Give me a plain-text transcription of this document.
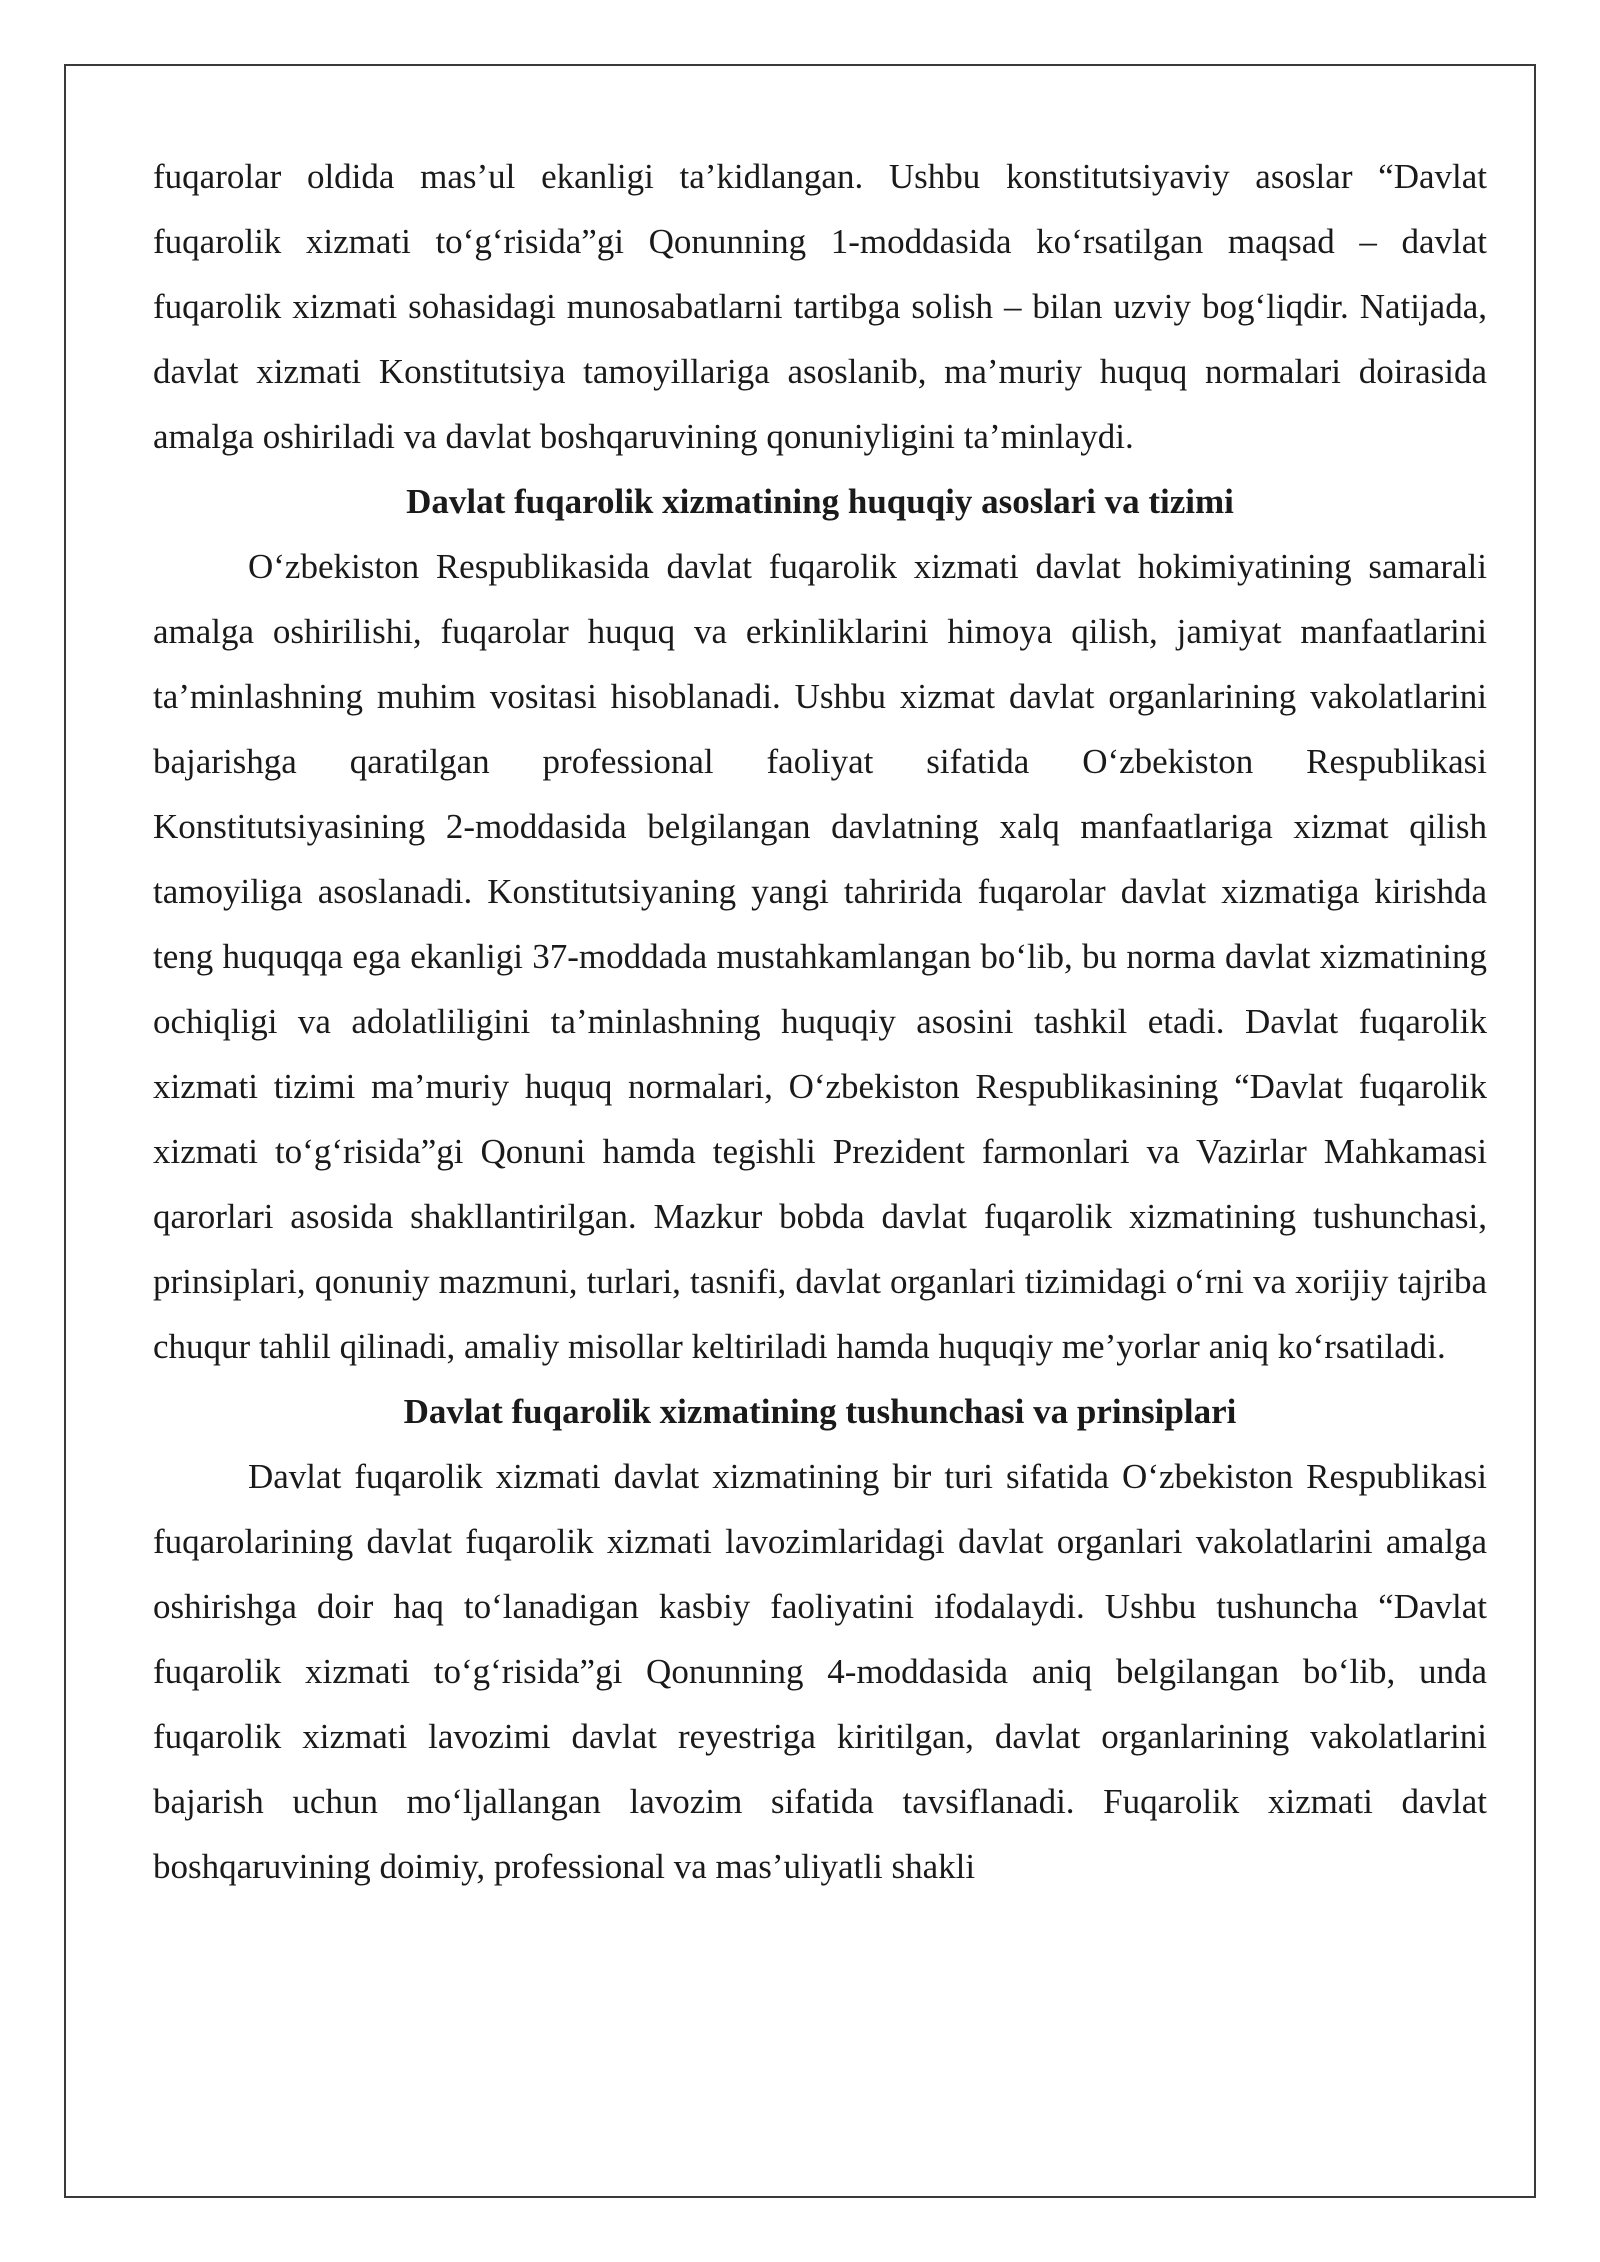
fuqarolar oldida mas’ul ekanligi ta’kidlangan. Ushbu konstitutsiyaviy asoslar “Davlat fuqarolik xizmati to‘g‘risida”gi Qonunning 1-moddasida ko‘rsatilgan maqsad – davlat fuqarolik xizmati sohasidagi munosabatlarni tartibga solish – bilan uzviy bog‘liqdir. Natijada, davlat xizmati Konstitutsiya tamoyillariga asoslanib, ma’muriy huquq normalari doirasida amalga oshiriladi va davlat boshqaruvining qonuniyligini ta’minlaydi.

Davlat fuqarolik xizmatining huquqiy asoslari va tizimi

O‘zbekiston Respublikasida davlat fuqarolik xizmati davlat hokimiyatining samarali amalga oshirilishi, fuqarolar huquq va erkinliklarini himoya qilish, jamiyat manfaatlarini ta’minlashning muhim vositasi hisoblanadi. Ushbu xizmat davlat organlarining vakolatlarini bajarishga qaratilgan professional faoliyat sifatida O‘zbekiston Respublikasi Konstitutsiyasining 2-moddasida belgilangan davlatning xalq manfaatlariga xizmat qilish tamoyiliga asoslanadi. Konstitutsiyaning yangi tahririda fuqarolar davlat xizmatiga kirishda teng huquqqa ega ekanligi 37-moddada mustahkamlangan bo‘lib, bu norma davlat xizmatining ochiqligi va adolatliligini ta’minlashning huquqiy asosini tashkil etadi. Davlat fuqarolik xizmati tizimi ma’muriy huquq normalari, O‘zbekiston Respublikasining “Davlat fuqarolik xizmati to‘g‘risida”gi Qonuni hamda tegishli Prezident farmonlari va Vazirlar Mahkamasi qarorlari asosida shakllantirilgan. Mazkur bobda davlat fuqarolik xizmatining tushunchasi, prinsiplari, qonuniy mazmuni, turlari, tasnifi, davlat organlari tizimidagi o‘rni va xorijiy tajriba chuqur tahlil qilinadi, amaliy misollar keltiriladi hamda huquqiy me’yorlar aniq ko‘rsatiladi.

Davlat fuqarolik xizmatining tushunchasi va prinsiplari

Davlat fuqarolik xizmati davlat xizmatining bir turi sifatida O‘zbekiston Respublikasi fuqarolarining davlat fuqarolik xizmati lavozimlaridagi davlat organlari vakolatlarini amalga oshirishga doir haq to‘lanadigan kasbiy faoliyatini ifodalaydi. Ushbu tushuncha “Davlat fuqarolik xizmati to‘g‘risida”gi Qonunning 4-moddasida aniq belgilangan bo‘lib, unda fuqarolik xizmati lavozimi davlat reyestriga kiritilgan, davlat organlarining vakolatlarini bajarish uchun mo‘ljallangan lavozim sifatida tavsiflanadi. Fuqarolik xizmati davlat boshqaruvining doimiy, professional va mas’uliyatli shakli
